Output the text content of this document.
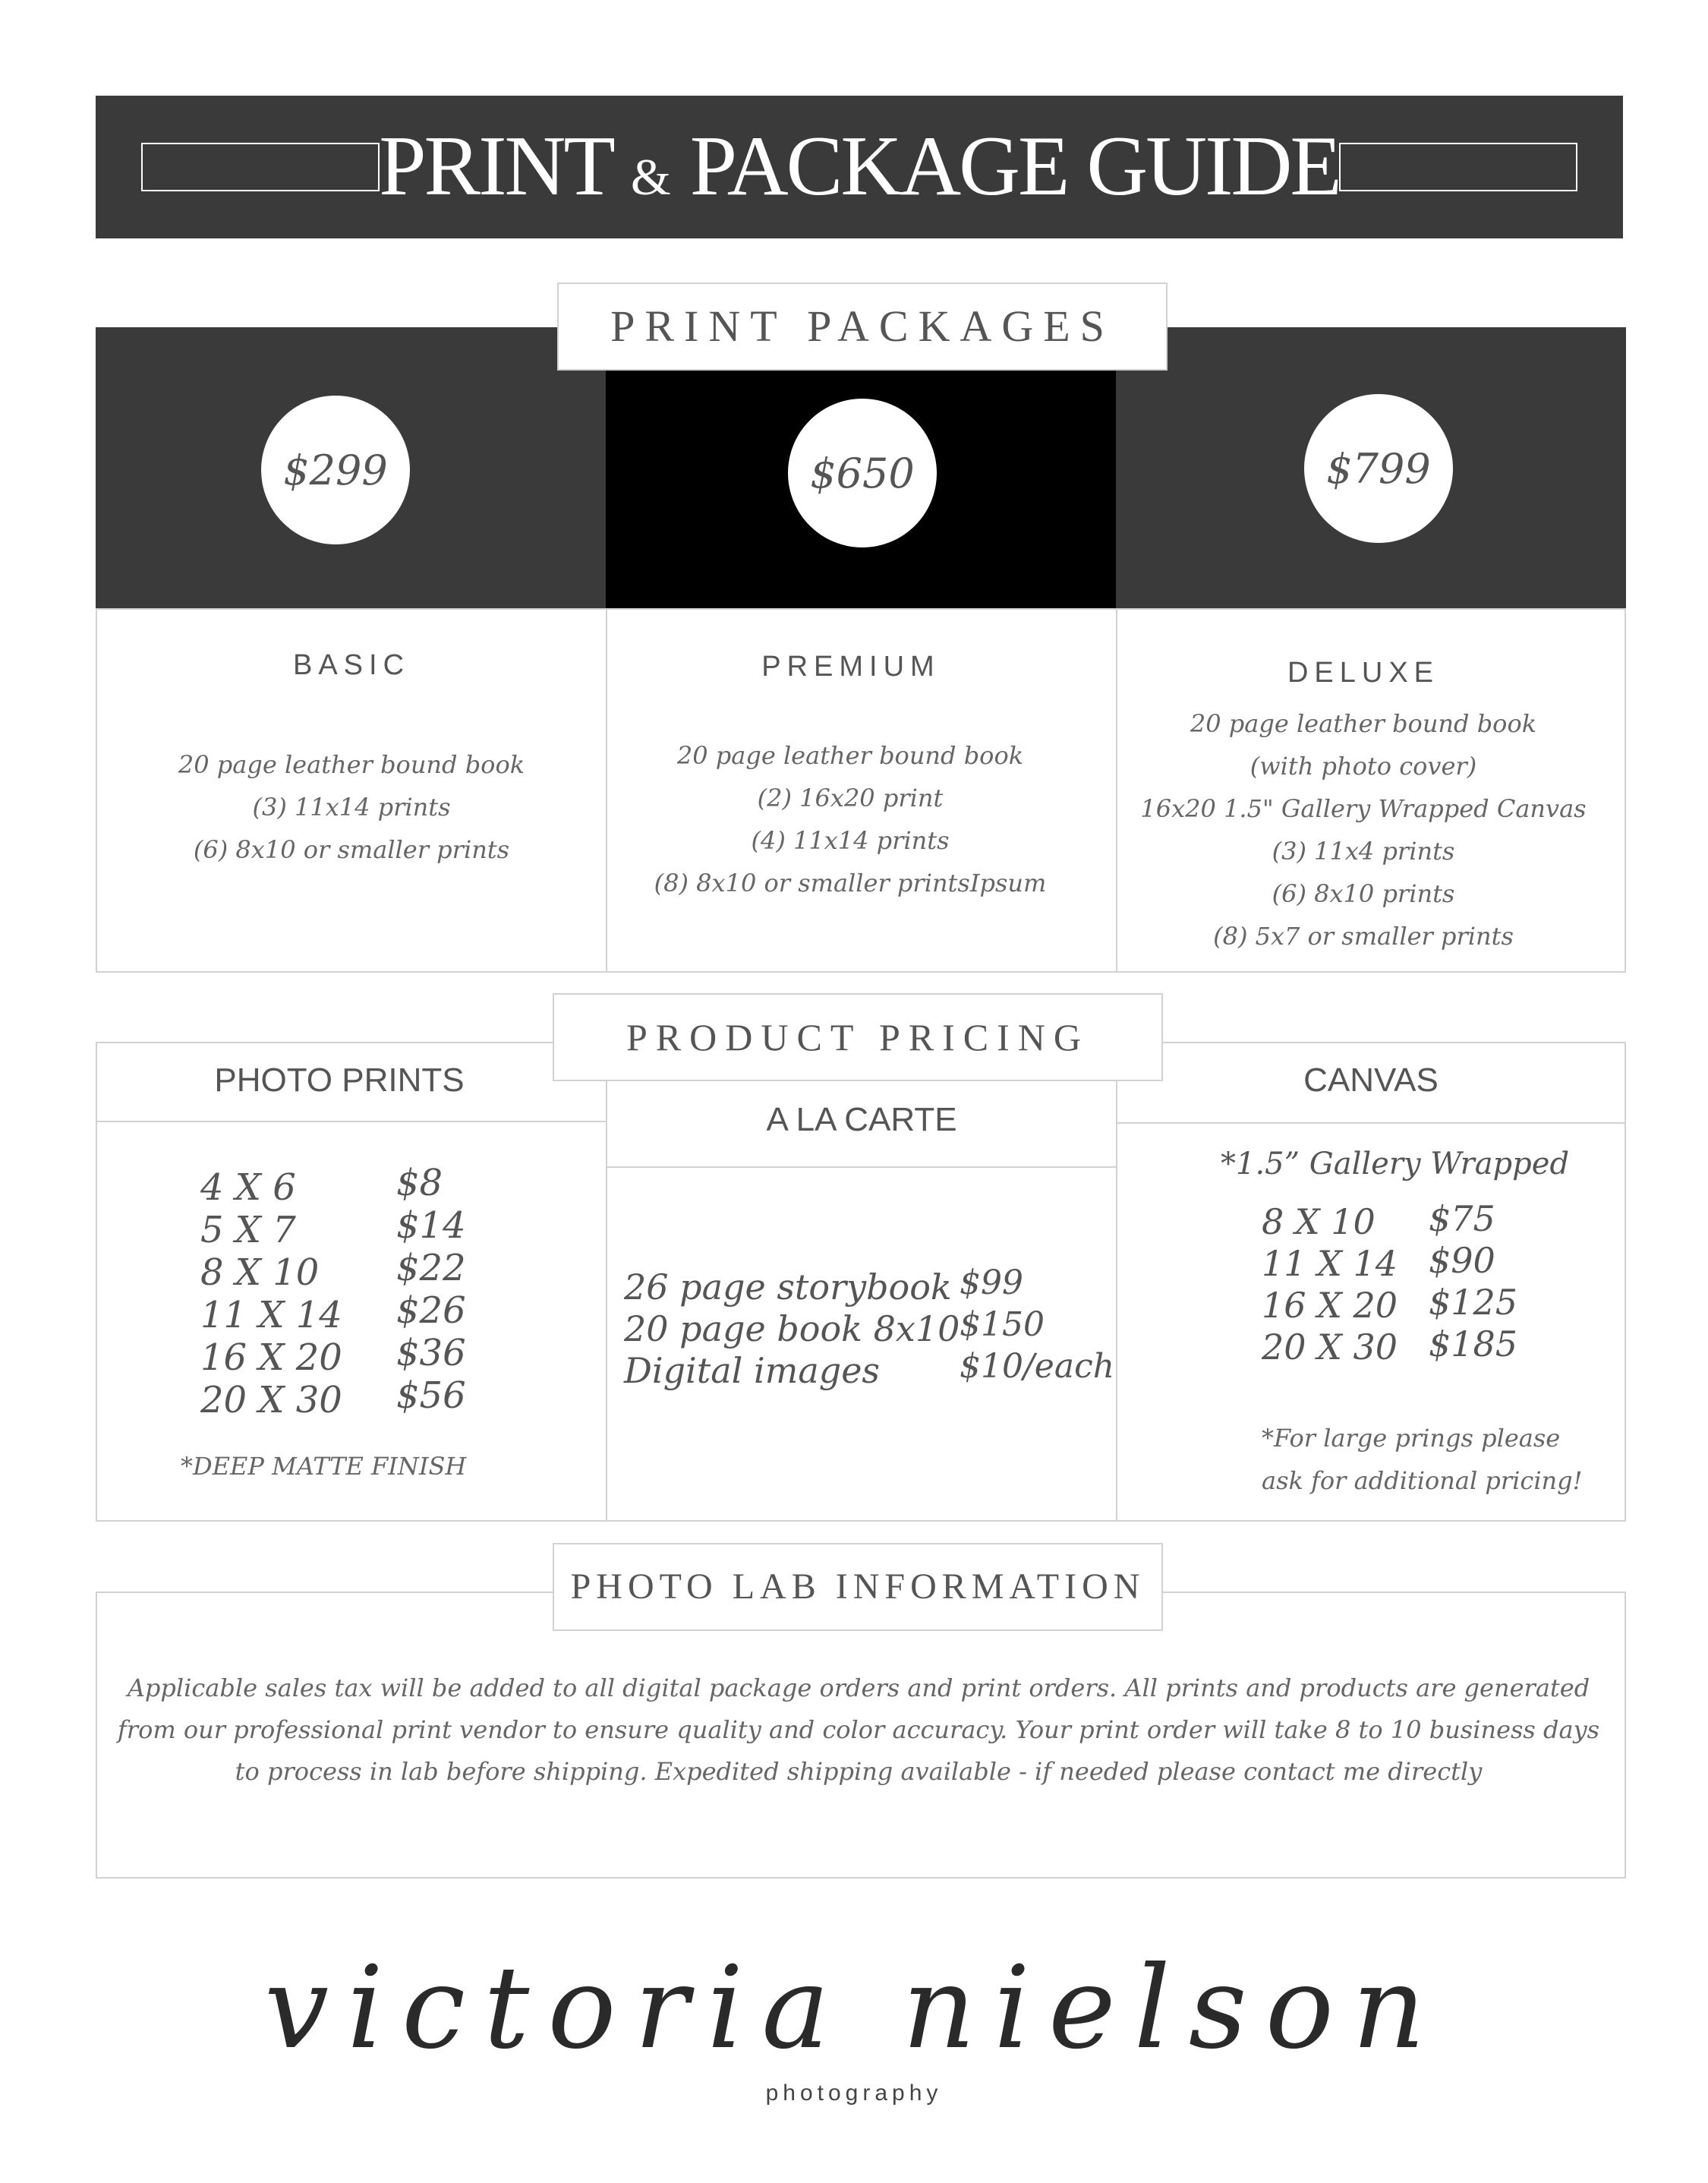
PRINT & PACKAGE GUIDE
$299	$650	$799
PRINT PACKAGES
BASIC
20 page leather bound book
(3) 11x14 prints
(6) 8x10 or smaller prints
PREMIUM
20 page leather bound book
(2) 16x20 print
(4) 11x14 prints
(8) 8x10 or smaller printsIpsum
DELUXE
20 page leather bound book
(with photo cover)
16x20 1.5" Gallery Wrapped Canvas
(3) 11x4 prints
(6) 8x10 prints
(8) 5x7 or smaller prints
PHOTO PRINTS
4 X 6
5 X 7
8 X 10
11 X 14
16 X 20
20 X 30
$8
$14
$22
$26
$36
$56
*DEEP MATTE FINISH
A LA CARTE
26 page storybook
20 page book 8x10
Digital images
$99
$150
$10/each
CANVAS
*1.5” Gallery Wrapped
8 X 10
11 X 14
16 X 20
20 X 30
$75
$90
$125
$185
*For large prings please
ask for additional pricing!
PRODUCT PRICING
PHOTO LAB INFORMATION
Applicable sales tax will be added to all digital package orders and print orders. All prints and products are generated
from our professional print vendor to ensure quality and color accuracy. Your print order will take 8 to 10 business days
to process in lab before shipping. Expedited shipping available - if needed please contact me directly
victoria nielson
photography
